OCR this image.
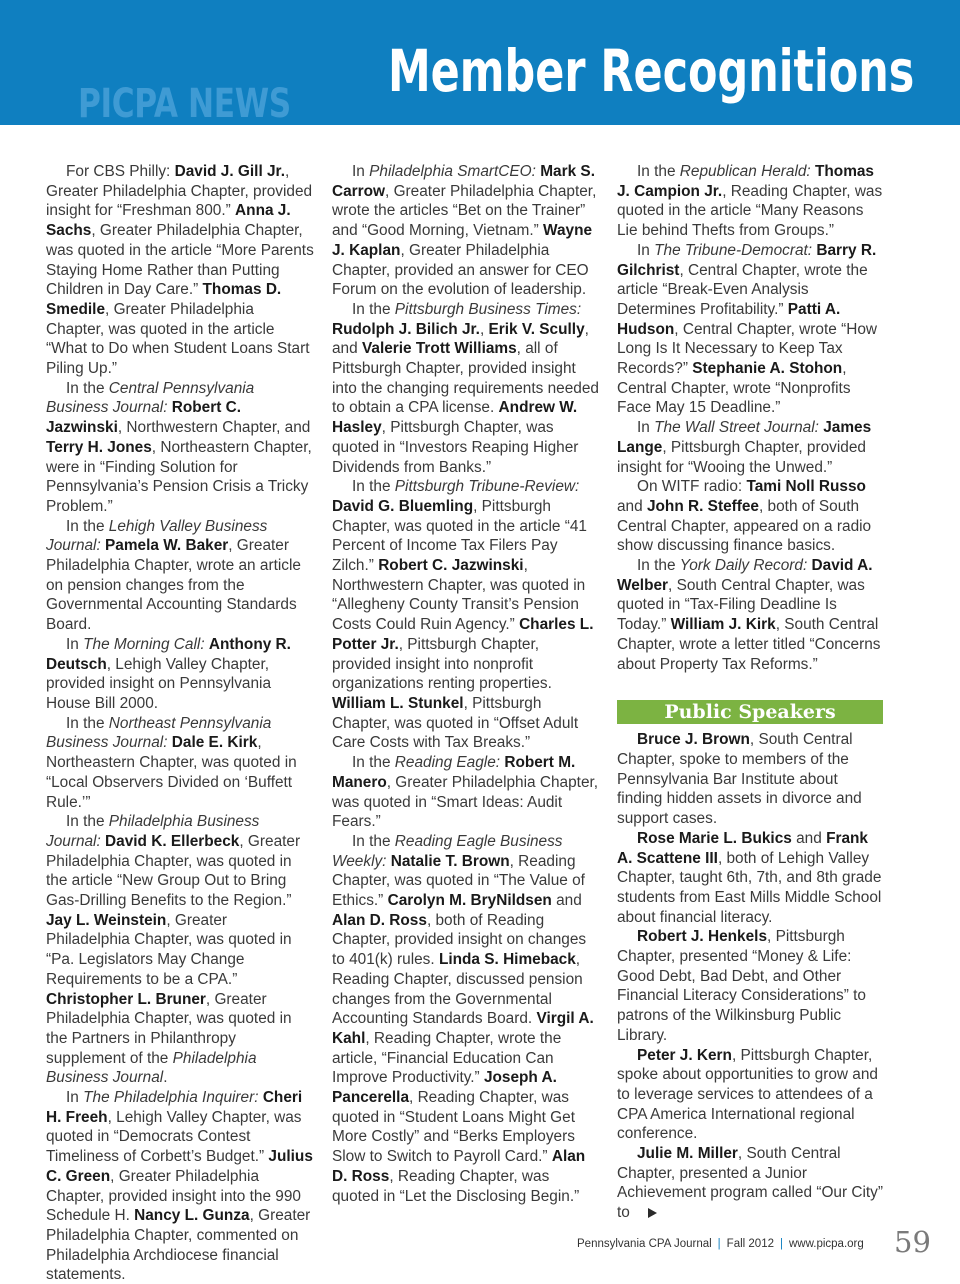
PICPA NEWS Member Recognitions

For CBS Philly: David J. Gill Jr., Greater Philadelphia Chapter, provided insight for “Freshman 800.” Anna J. Sachs, Greater Philadelphia Chapter, was quoted in the article “More Parents Staying Home Rather than Putting Children in Day Care.” Thomas D. Smedile, Greater Philadelphia Chapter, was quoted in the article “What to Do when Student Loans Start Piling Up.”

In the Central Pennsylvania Business Journal: Robert C. Jazwinski, Northwestern Chapter, and Terry H. Jones, Northeastern Chapter, were in “Finding Solution for Pennsylvania’s Pension Crisis a Tricky Problem.”

In the Lehigh Valley Business Journal: Pamela W. Baker, Greater Philadelphia Chapter, wrote an article on pension changes from the Governmental Accounting Standards Board.

In The Morning Call: Anthony R. Deutsch, Lehigh Valley Chapter, provided insight on Pennsylvania House Bill 2000.

In the Northeast Pennsylvania Business Journal: Dale E. Kirk, Northeastern Chapter, was quoted in “Local Observers Divided on ‘Buffett Rule.’”

In the Philadelphia Business Journal: David K. Ellerbeck, Greater Philadelphia Chapter, was quoted in the article “New Group Out to Bring Gas-Drilling Benefits to the Region.” Jay L. Weinstein, Greater Philadelphia Chapter, was quoted in “Pa. Legislators May Change Requirements to be a CPA.” Christopher L. Bruner, Greater Philadelphia Chapter, was quoted in the Partners in Philanthropy supplement of the Philadelphia Business Journal.

In The Philadelphia Inquirer: Cheri H. Freeh, Lehigh Valley Chapter, was quoted in “Democrats Contest Timeliness of Corbett’s Budget.” Julius C. Green, Greater Philadelphia Chapter, provided insight into the 990 Schedule H. Nancy L. Gunza, Greater Philadelphia Chapter, commented on Philadelphia Archdiocese financial statements.

In Philadelphia SmartCEO: Mark S. Carrow, Greater Philadelphia Chapter, wrote the articles “Bet on the Trainer” and “Good Morning, Vietnam.” Wayne J. Kaplan, Greater Philadelphia Chapter, provided an answer for CEO Forum on the evolution of leadership.

In the Pittsburgh Business Times: Rudolph J. Bilich Jr., Erik V. Scully, and Valerie Trott Williams, all of Pittsburgh Chapter, provided insight into the changing requirements needed to obtain a CPA license. Andrew W. Hasley, Pittsburgh Chapter, was quoted in “Investors Reaping Higher Dividends from Banks.”

In the Pittsburgh Tribune-Review: David G. Bluemling, Pittsburgh Chapter, was quoted in the article “41 Percent of Income Tax Filers Pay Zilch.” Robert C. Jazwinski, Northwestern Chapter, was quoted in “Allegheny County Transit’s Pension Costs Could Ruin Agency.” Charles L. Potter Jr., Pittsburgh Chapter, provided insight into nonprofit organizations renting properties. William L. Stunkel, Pittsburgh Chapter, was quoted in “Offset Adult Care Costs with Tax Breaks.”

In the Reading Eagle: Robert M. Manero, Greater Philadelphia Chapter, was quoted in “Smart Ideas: Audit Fears.”

In the Reading Eagle Business Weekly: Natalie T. Brown, Reading Chapter, was quoted in “The Value of Ethics.” Carolyn M. BryNildsen and Alan D. Ross, both of Reading Chapter, provided insight on changes to 401(k) rules. Linda S. Himeback, Reading Chapter, discussed pension changes from the Governmental Accounting Standards Board. Virgil A. Kahl, Reading Chapter, wrote the article, “Financial Education Can Improve Productivity.” Joseph A. Pancerella, Reading Chapter, was quoted in “Student Loans Might Get More Costly” and “Berks Employers Slow to Switch to Payroll Card.” Alan D. Ross, Reading Chapter, was quoted in “Let the Disclosing Begin.”

In the Republican Herald: Thomas J. Campion Jr., Reading Chapter, was quoted in the article “Many Reasons Lie behind Thefts from Groups.”

In The Tribune-Democrat: Barry R. Gilchrist, Central Chapter, wrote the article “Break-Even Analysis Determines Profitability.” Patti A. Hudson, Central Chapter, wrote “How Long Is It Necessary to Keep Tax Records?” Stephanie A. Stohon, Central Chapter, wrote “Nonprofits Face May 15 Deadline.”

In The Wall Street Journal: James Lange, Pittsburgh Chapter, provided insight for “Wooing the Unwed.”

On WITF radio: Tami Noll Russo and John R. Steffee, both of South Central Chapter, appeared on a radio show discussing finance basics.

In the York Daily Record: David A. Welber, South Central Chapter, was quoted in “Tax-Filing Deadline Is Today.” William J. Kirk, South Central Chapter, wrote a letter titled “Concerns about Property Tax Reforms.”

Public Speakers

Bruce J. Brown, South Central Chapter, spoke to members of the Pennsylvania Bar Institute about finding hidden assets in divorce and support cases.

Rose Marie L. Bukics and Frank A. Scattene III, both of Lehigh Valley Chapter, taught 6th, 7th, and 8th grade students from East Mills Middle School about financial literacy.

Robert J. Henkels, Pittsburgh Chapter, presented “Money & Life: Good Debt, Bad Debt, and Other Financial Literacy Considerations” to patrons of the Wilkinsburg Public Library.

Peter J. Kern, Pittsburgh Chapter, spoke about opportunities to grow and to leverage services to attendees of a CPA America International regional conference.

Julie M. Miller, South Central Chapter, presented a Junior Achievement program called “Our City” to

Pennsylvania CPA Journal | Fall 2012 | www.picpa.org 59
